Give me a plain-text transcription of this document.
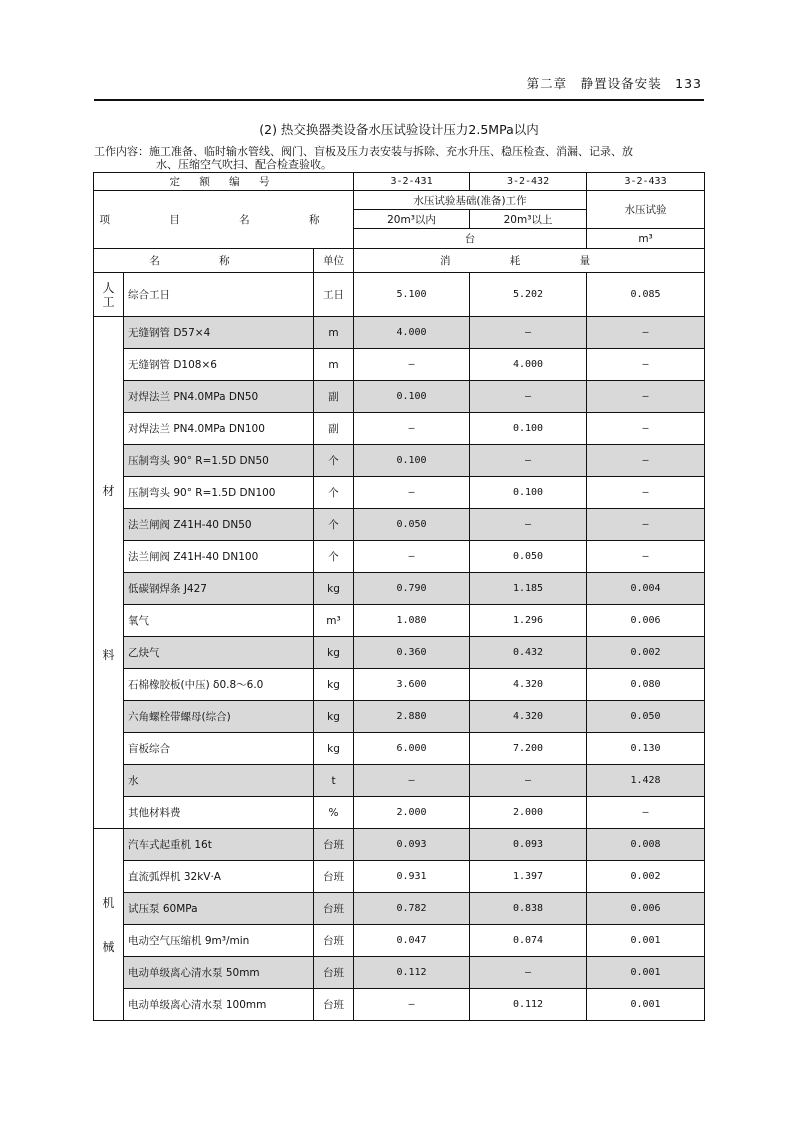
第二章　静置设备安装　133
(2) 热交换器类设备水压试验设计压力2.5MPa以内
工作内容：施工准备、临时输水管线、阀门、盲板及压力表安装与拆除、充水升压、稳压检查、消漏、记录、放
水、压缩空气吹扫、配合检查验收。
定 额 编 号			3-2-431	3-2-432	3-2-433
项 目 名 称			水压试验基础(准备)工作		水压试验
			20m³以内	20m³以上	
			台		m³
名 称		单位	消 耗 量		

人
工	综合工日	工日	5.100	5.202	0.085

材
料	无缝钢管 D57×4	m	4.000	—	—
	无缝钢管 D108×6	m	—	4.000	—
	对焊法兰 PN4.0MPa DN50	副	0.100	—	—
	对焊法兰 PN4.0MPa DN100	副	—	0.100	—
	压制弯头 90° R=1.5D DN50	个	0.100	—	—
	压制弯头 90° R=1.5D DN100	个	—	0.100	—
	法兰闸阀 Z41H-40 DN50	个	0.050	—	—
	法兰闸阀 Z41H-40 DN100	个	—	0.050	—
	低碳钢焊条 J427	kg	0.790	1.185	0.004
	氧气	m³	1.080	1.296	0.006
	乙炔气	kg	0.360	0.432	0.002
	石棉橡胶板(中压) δ0.8～6.0	kg	3.600	4.320	0.080
	六角螺栓带螺母(综合)	kg	2.880	4.320	0.050
	盲板综合	kg	6.000	7.200	0.130
	水	t	—	—	1.428
	其他材料费	%	2.000	2.000	—

机
械	汽车式起重机 16t	台班	0.093	0.093	0.008
	直流弧焊机 32kV·A	台班	0.931	1.397	0.002
	试压泵 60MPa	台班	0.782	0.838	0.006
	电动空气压缩机 9m³/min	台班	0.047	0.074	0.001
	电动单级离心清水泵 50mm	台班	0.112	—	0.001
	电动单级离心清水泵 100mm	台班	—	0.112	0.001
